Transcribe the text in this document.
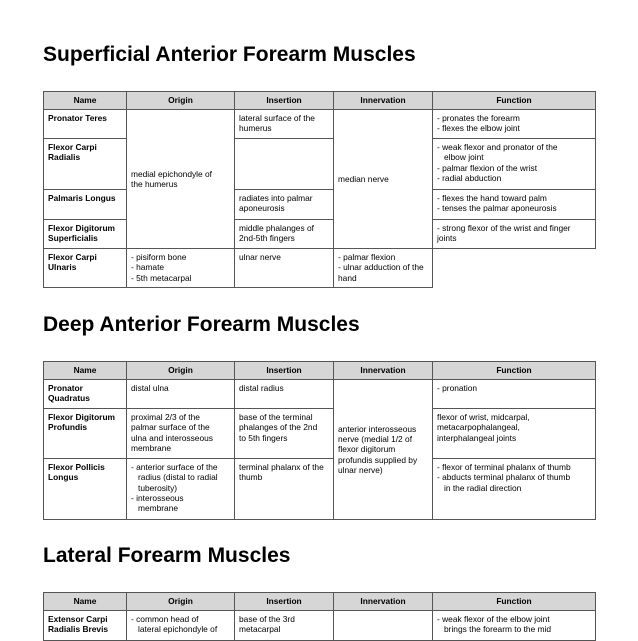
Superficial Anterior Forearm Muscles
Name	Origin	Insertion	Innervation	Function

Pronator Teres	medial epichondyle of
the humerus	lateral surface of the
humerus	median nerve	- pronates the forearm
- flexes the elbow joint

Flexor Carpi
Radialis				- weak flexor and pronator of the
elbow joint
- palmar flexion of the wrist
- radial abduction

Palmaris Longus		radiates into palmar
aponeurosis		- flexes the hand toward palm
- tenses the palmar aponeurosis

Flexor Digitorum
Superficialis		middle phalanges of
2nd-5th fingers		- strong flexor of the wrist and finger
joints

Flexor Carpi
Ulnaris	- pisiform bone
- hamate
- 5th metacarpal	ulnar nerve	- palmar flexion
- ulnar adduction of the hand	
Deep Anterior Forearm Muscles
Name	Origin	Insertion	Innervation	Function

Pronator
Quadratus	distal ulna	distal radius	anterior interosseous
nerve (medial 1/2 of
flexor digitorum
profundis supplied by
ulnar nerve)	- pronation

Flexor Digitorum
Profundis	proximal 2/3 of the
palmar surface of the
ulna and interosseous
membrane	base of the terminal
phalanges of the 2nd
to 5th fingers		flexor of wrist, midcarpal,
metacarpophalangeal,
interphalangeal joints

Flexor Pollicis
Longus	- anterior surface of the
radius (distal to radial
tuberosity)
- interosseous
membrane	terminal phalanx of the
thumb		- flexor of terminal phalanx of thumb
- abducts terminal phalanx of thumb
in the radial direction
Lateral Forearm Muscles
Name	Origin	Insertion	Innervation	Function

Extensor Carpi
Radialis Brevis	- common head of
lateral epichondyle of	base of the 3rd
metacarpal		- weak flexor of the elbow joint
brings the forearm to the mid
